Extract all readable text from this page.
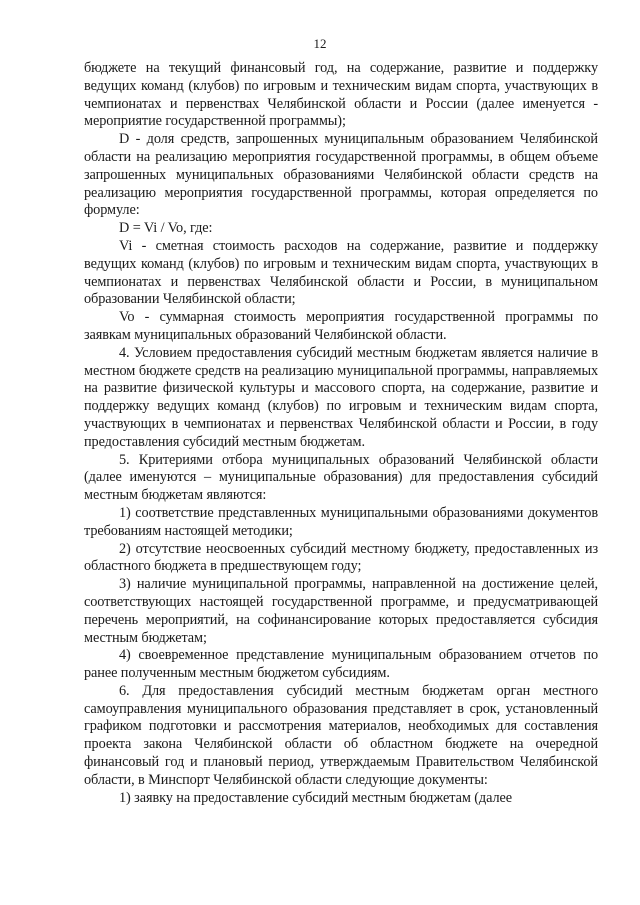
12

бюджете на текущий финансовый год, на содержание, развитие и поддержку ведущих команд (клубов) по игровым и техническим видам спорта, участвующих в чемпионатах и первенствах Челябинской области и России (далее именуется - мероприятие государственной программы);

D - доля средств, запрошенных муниципальным образованием Челябинской области на реализацию мероприятия государственной программы, в общем объеме запрошенных муниципальных образованиями Челябинской области средств на реализацию мероприятия государственной программы, которая определяется по формуле:

D = Vi / Vo, где:

Vi - сметная стоимость расходов на содержание, развитие и поддержку ведущих команд (клубов) по игровым и техническим видам спорта, участвующих в чемпионатах и первенствах Челябинской области и России, в муниципальном образовании Челябинской области;

Vo - суммарная стоимость мероприятия государственной программы по заявкам муниципальных образований Челябинской области.

4. Условием предоставления субсидий местным бюджетам является наличие в местном бюджете средств на реализацию муниципальной программы, направляемых на развитие физической культуры и массового спорта, на содержание, развитие и поддержку ведущих команд (клубов) по игровым и техническим видам спорта, участвующих в чемпионатах и первенствах Челябинской области и России, в году предоставления субсидий местным бюджетам.

5. Критериями отбора муниципальных образований Челябинской области (далее именуются – муниципальные образования) для предоставления субсидий местным бюджетам являются:

1) соответствие представленных муниципальными образованиями документов требованиям настоящей методики;

2) отсутствие неосвоенных субсидий местному бюджету, предоставленных из областного бюджета в предшествующем году;

3) наличие муниципальной программы, направленной на достижение целей, соответствующих настоящей государственной программе, и предусматривающей перечень мероприятий, на софинансирование которых предоставляется субсидия местным бюджетам;

4) своевременное представление муниципальным образованием отчетов по ранее полученным местным бюджетом субсидиям.

6. Для предоставления субсидий местным бюджетам орган местного самоуправления муниципального образования представляет в срок, установленный графиком подготовки и рассмотрения материалов, необходимых для составления проекта закона Челябинской области об областном бюджете на очередной финансовый год и плановый период, утверждаемым Правительством Челябинской области, в Минспорт Челябинской области следующие документы:

1) заявку на предоставление субсидий местным бюджетам (далее
